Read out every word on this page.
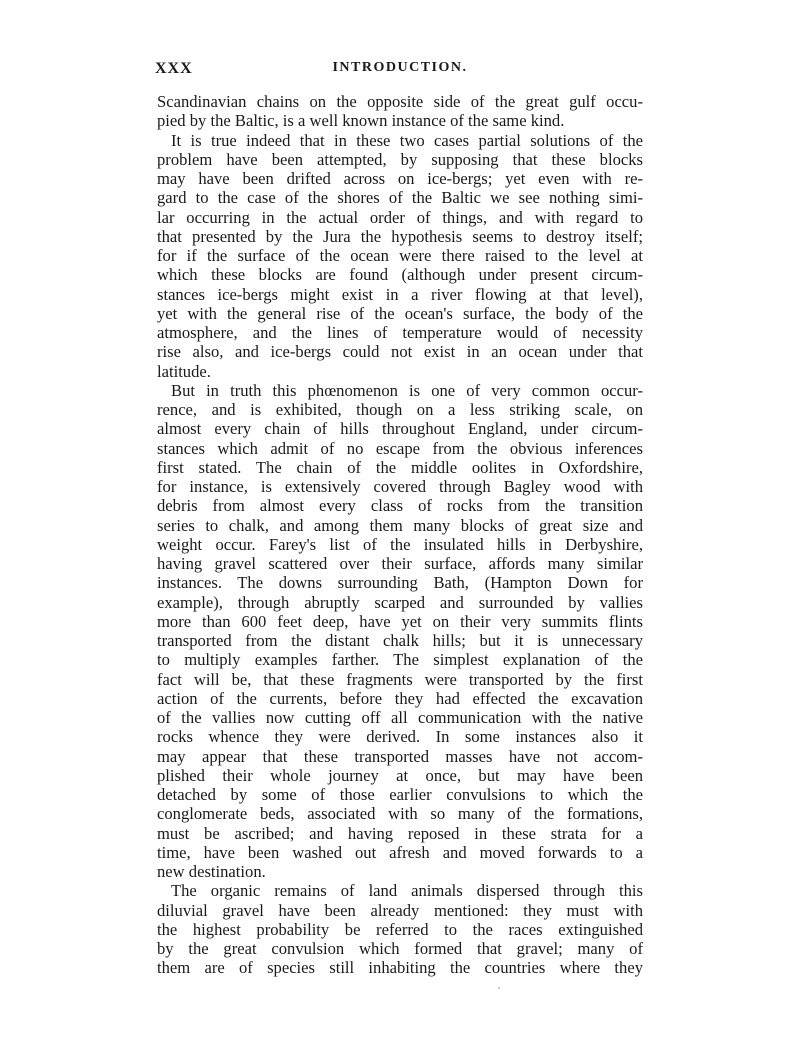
XXX	INTRODUCTION.
Scandinavian chains on the opposite side of the great gulf occu-
pied by the Baltic, is a well known instance of the same kind.
It is true indeed that in these two cases partial solutions of the
problem have been attempted, by supposing that these blocks
may have been drifted across on ice-bergs; yet even with re-
gard to the case of the shores of the Baltic we see nothing simi-
lar occurring in the actual order of things, and with regard to
that presented by the Jura the hypothesis seems to destroy itself;
for if the surface of the ocean were there raised to the level at
which these blocks are found (although under present circum-
stances ice-bergs might exist in a river flowing at that level),
yet with the general rise of the ocean's surface, the body of the
atmosphere, and the lines of temperature would of necessity
rise also, and ice-bergs could not exist in an ocean under that
latitude.
But in truth this phœnomenon is one of very common occur-
rence, and is exhibited, though on a less striking scale, on
almost every chain of hills throughout England, under circum-
stances which admit of no escape from the obvious inferences
first stated. The chain of the middle oolites in Oxfordshire,
for instance, is extensively covered through Bagley wood with
debris from almost every class of rocks from the transition
series to chalk, and among them many blocks of great size and
weight occur. Farey's list of the insulated hills in Derbyshire,
having gravel scattered over their surface, affords many similar
instances. The downs surrounding Bath, (Hampton Down for
example), through abruptly scarped and surrounded by vallies
more than 600 feet deep, have yet on their very summits flints
transported from the distant chalk hills; but it is unnecessary
to multiply examples farther. The simplest explanation of the
fact will be, that these fragments were transported by the first
action of the currents, before they had effected the excavation
of the vallies now cutting off all communication with the native
rocks whence they were derived. In some instances also it
may appear that these transported masses have not accom-
plished their whole journey at once, but may have been
detached by some of those earlier convulsions to which the
conglomerate beds, associated with so many of the formations,
must be ascribed; and having reposed in these strata for a
time, have been washed out afresh and moved forwards to a
new destination.
The organic remains of land animals dispersed through this
diluvial gravel have been already mentioned: they must with
the highest probability be referred to the races extinguished
by the great convulsion which formed that gravel; many of
them are of species still inhabiting the countries where they
